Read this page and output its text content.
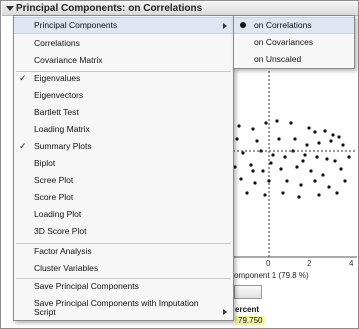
Principal Components: on Correlations
0	2	4
omponent 1 (79.8 %)
ercent
79.750
Principal Components
Correlations
Covariance Matrix
✓ Eigenvalues
Eigenvectors
Bartlett Test
Loading Matrix
✓ Summary Plots
Biplot
Scree Plot
Score Plot
Loading Plot
3D Score Plot
Factor Analysis
Cluster Variables
Save Principal Components
Save Principal Components with Imputation
Script
on Correlations
on Covariances
on Unscaled
